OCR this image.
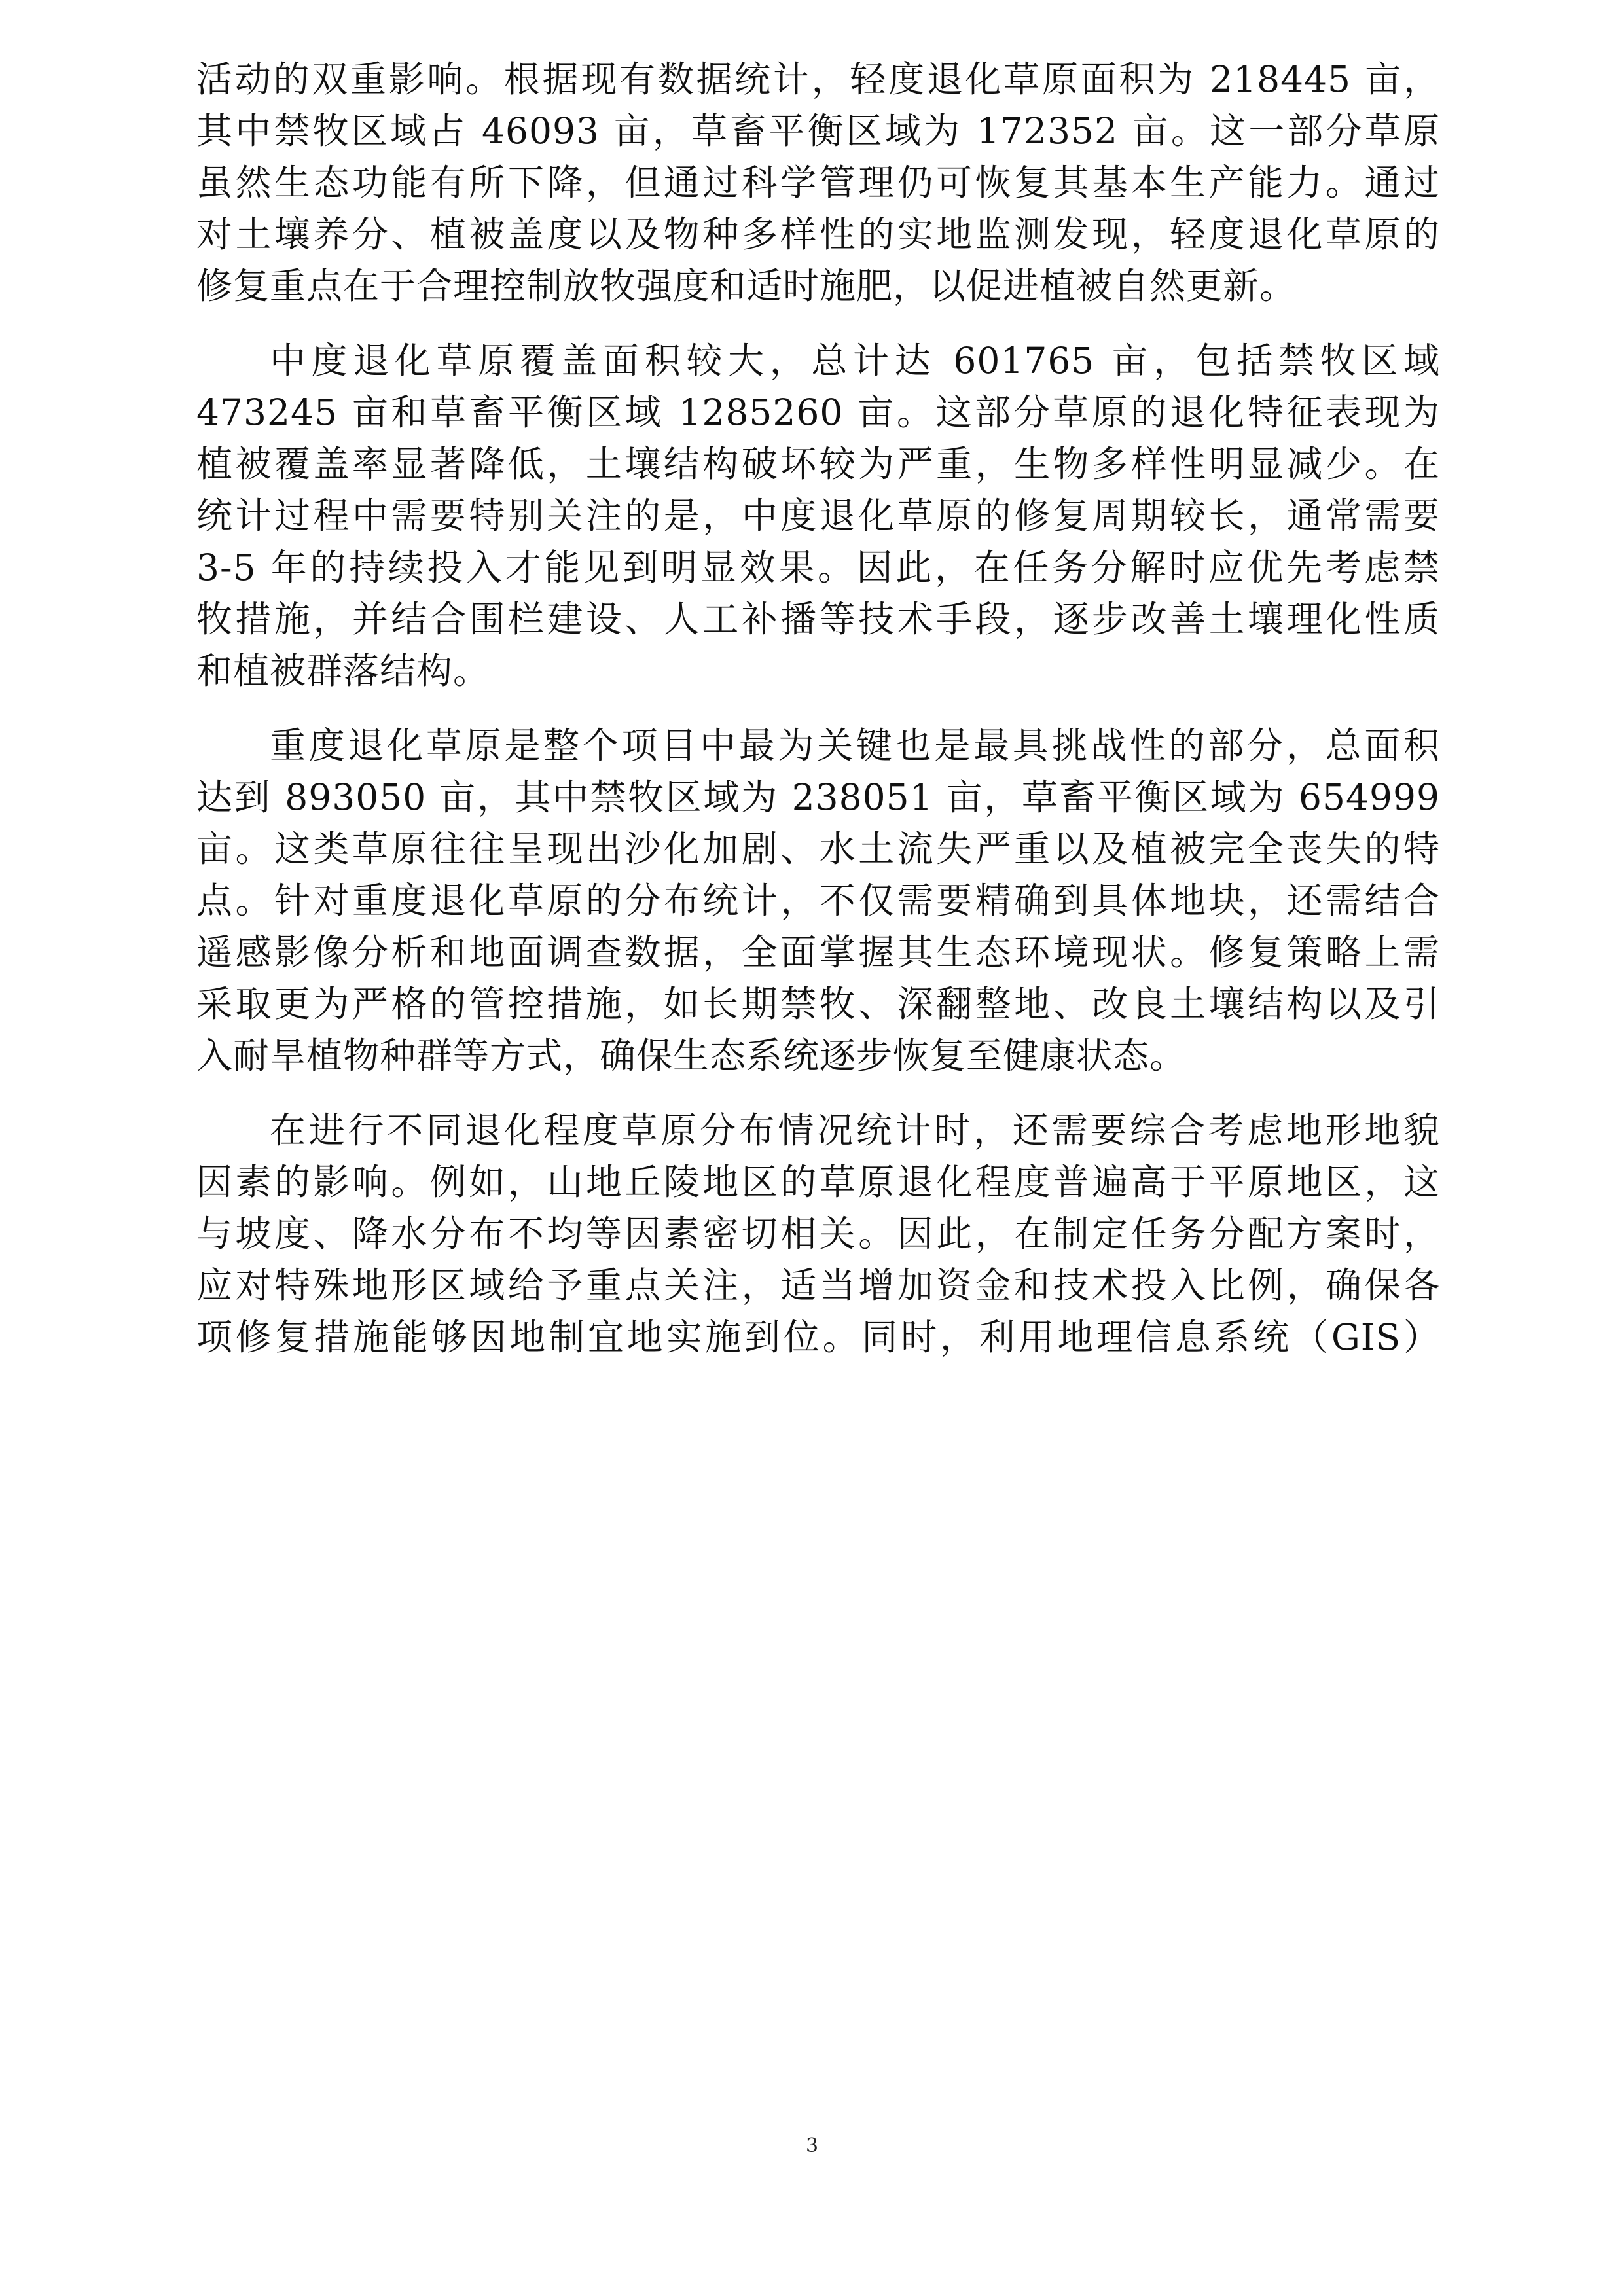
活动的双重影响。根据现有数据统计，轻度退化草原面积为 218445 亩，
其中禁牧区域占 46093 亩，草畜平衡区域为 172352 亩。这一部分草原
虽然生态功能有所下降，但通过科学管理仍可恢复其基本生产能力。通过
对土壤养分、植被盖度以及物种多样性的实地监测发现，轻度退化草原的
修复重点在于合理控制放牧强度和适时施肥，以促进植被自然更新。
中度退化草原覆盖面积较大，总计达 601765 亩，包括禁牧区域
473245 亩和草畜平衡区域 1285260 亩。这部分草原的退化特征表现为
植被覆盖率显著降低，土壤结构破坏较为严重，生物多样性明显减少。在
统计过程中需要特别关注的是，中度退化草原的修复周期较长，通常需要
3-5 年的持续投入才能见到明显效果。因此，在任务分解时应优先考虑禁
牧措施，并结合围栏建设、人工补播等技术手段，逐步改善土壤理化性质
和植被群落结构。
重度退化草原是整个项目中最为关键也是最具挑战性的部分，总面积
达到 893050 亩，其中禁牧区域为 238051 亩，草畜平衡区域为 654999
亩。这类草原往往呈现出沙化加剧、水土流失严重以及植被完全丧失的特
点。针对重度退化草原的分布统计，不仅需要精确到具体地块，还需结合
遥感影像分析和地面调查数据，全面掌握其生态环境现状。修复策略上需
采取更为严格的管控措施，如长期禁牧、深翻整地、改良土壤结构以及引
入耐旱植物种群等方式，确保生态系统逐步恢复至健康状态。
在进行不同退化程度草原分布情况统计时，还需要综合考虑地形地貌
因素的影响。例如，山地丘陵地区的草原退化程度普遍高于平原地区，这
与坡度、降水分布不均等因素密切相关。因此，在制定任务分配方案时，
应对特殊地形区域给予重点关注，适当增加资金和技术投入比例，确保各
项修复措施能够因地制宜地实施到位。同时，利用地理信息系统（GIS）
3
